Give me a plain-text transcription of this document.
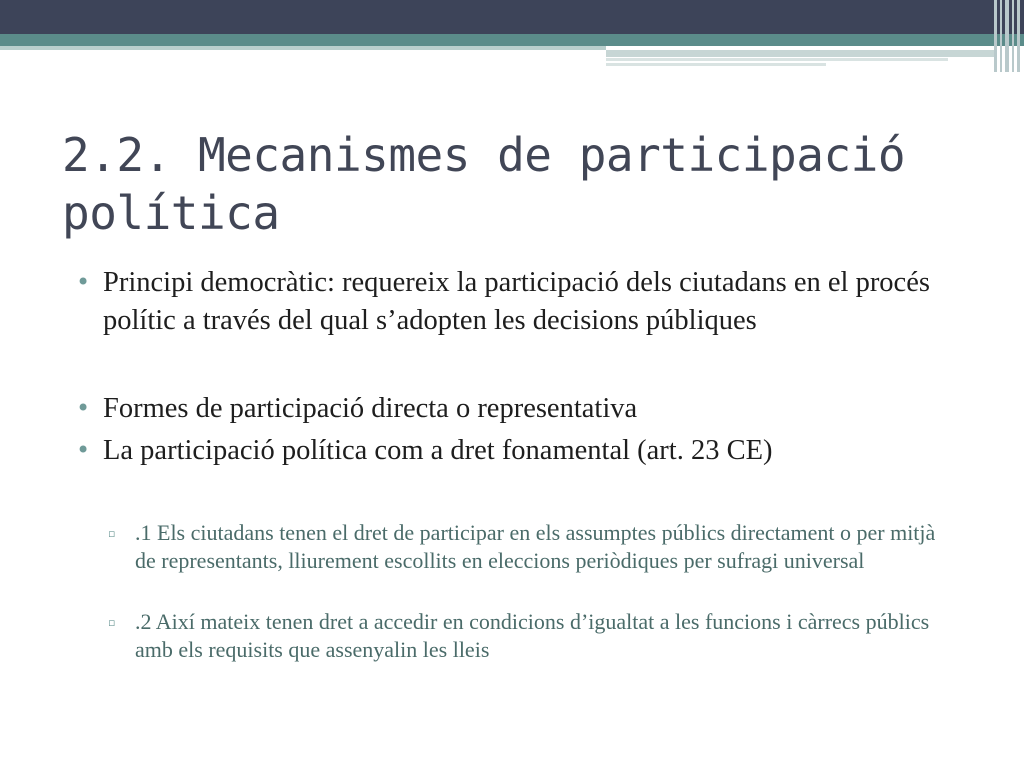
2.2. Mecanismes de participació política
• Principi democràtic: requereix la participació dels ciutadans en el procés polític a través del qual s’adopten les decisions públiques
• Formes de participació directa o representativa
• La participació política com a dret fonamental (art. 23 CE)
▫ .1 Els ciutadans tenen el dret de participar en els assumptes públics directament o per mitjà de representants, lliurement escollits en eleccions periòdiques per sufragi universal
▫ .2 Així mateix tenen dret a accedir en condicions d’igualtat a les funcions i càrrecs públics amb els requisits que assenyalin les lleis
